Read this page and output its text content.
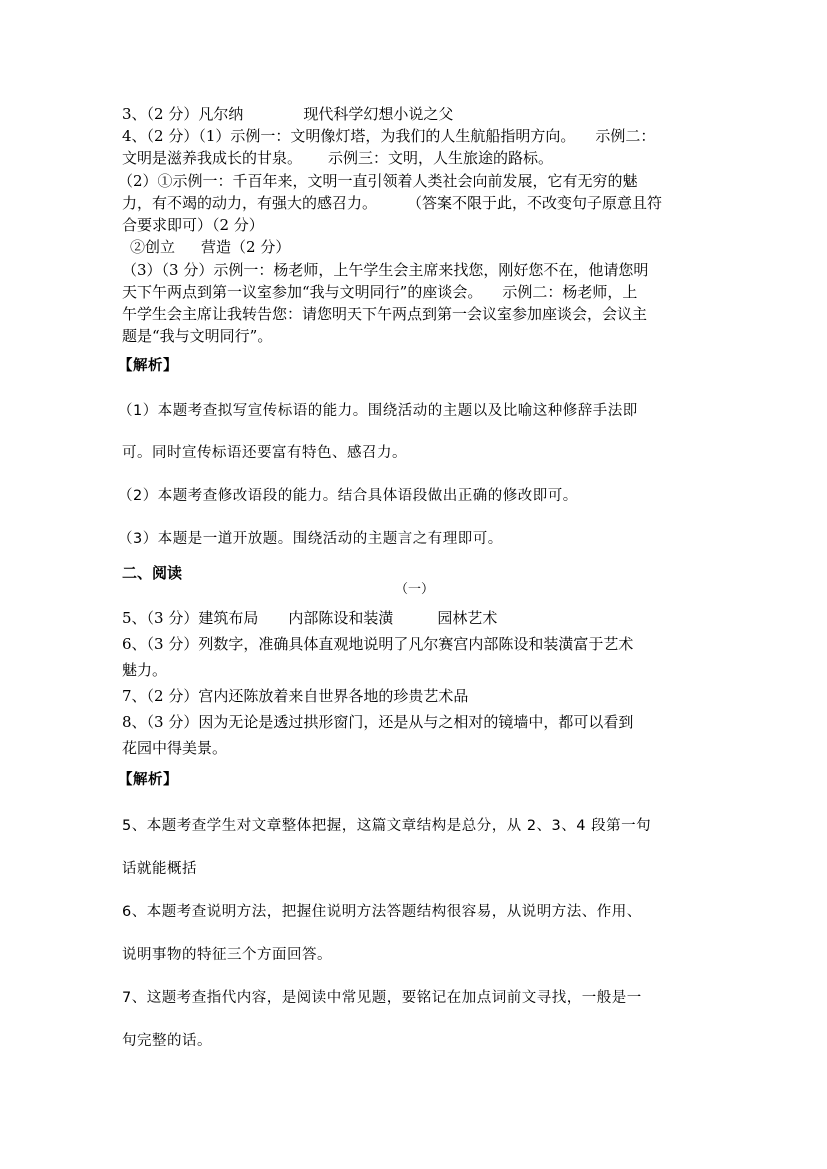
3、（2 分）凡尔纳	现代科学幻想小说之父

4、（2 分）（1）示例一：文明像灯塔，为我们的人生航船指明方向。 示例二：

文明是滋养我成长的甘泉。 示例三：文明，人生旅途的路标。

（2）①示例一：千百年来，文明一直引领着人类社会向前发展，它有无穷的魅

力，有不竭的动力，有强大的感召力。 （答案不限于此，不改变句子原意且符

合要求即可）（2 分）

②创立 营造（2 分）

（3）（3 分）示例一：杨老师，上午学生会主席来找您，刚好您不在，他请您明

天下午两点到第一议室参加“我与文明同行”的座谈会。 示例二：杨老师，上

午学生会主席让我转告您：请您明天下午两点到第一会议室参加座谈会，会议主

题是“我与文明同行”。

【解析】

（1）本题考查拟写宣传标语的能力。围绕活动的主题以及比喻这种修辞手法即

可。同时宣传标语还要富有特色、感召力。

（2）本题考查修改语段的能力。结合具体语段做出正确的修改即可。

（3）本题是一道开放题。围绕活动的主题言之有理即可。

二、阅读

（一）

5、（3 分）建筑布局 内部陈设和装潢	园林艺术

6、（3 分）列数字，准确具体直观地说明了凡尔赛宫内部陈设和装潢富于艺术

魅力。

7、（2 分）宫内还陈放着来自世界各地的珍贵艺术品

8、（3 分）因为无论是透过拱形窗门，还是从与之相对的镜墙中，都可以看到

花园中得美景。

【解析】

5、本题考查学生对文章整体把握，这篇文章结构是总分，从 2、3、4 段第一句

话就能概括

6、本题考查说明方法，把握住说明方法答题结构很容易，从说明方法、作用、

说明事物的特征三个方面回答。

7、这题考查指代内容，是阅读中常见题，要铭记在加点词前文寻找，一般是一

句完整的话。
